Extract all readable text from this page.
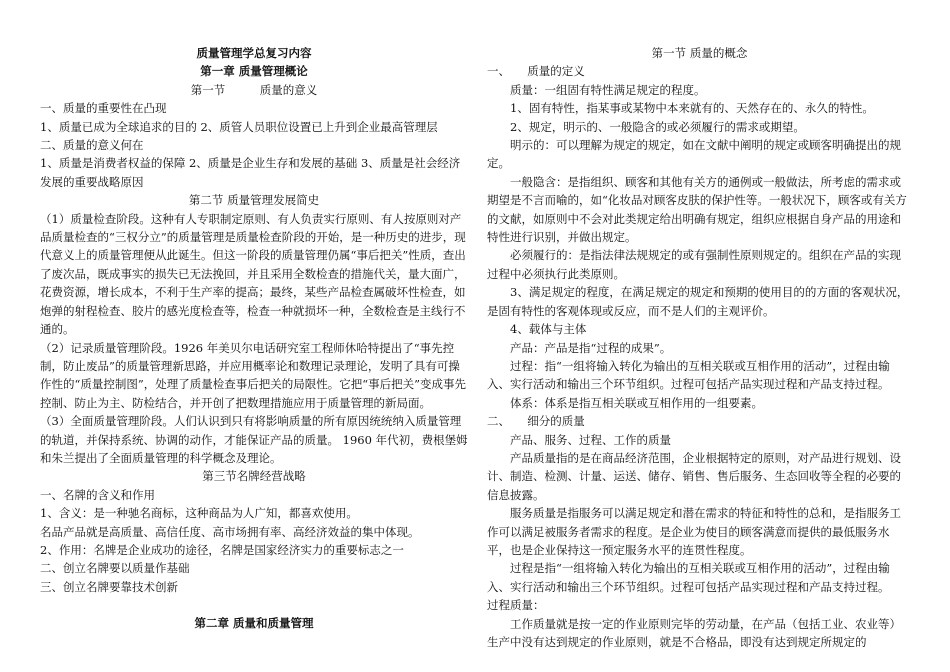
质量管理学总复习内容

第一章 质量管理概论

第一节　　　质量的意义

一、质量的重要性在凸现

1、质量已成为全球追求的目的 2、质管人员职位设置已上升到企业最高管理层

二、质量的意义何在

1、质量是消费者权益的保障 2、质量是企业生存和发展的基础 3、质量是社会经济发展的重要战略原因

第二节 质量管理发展简史

（1）质量检查阶段。这种有人专职制定原则、有人负责实行原则、有人按原则对产品质量检查的“三权分立”的质量管理是质量检查阶段的开始，是一种历史的进步，现代意义上的质量管理便从此诞生。但这一阶段的质量管理仍属“事后把关”性质，查出了废次品，既成事实的损失已无法挽回，并且采用全数检查的措施代关，量大面广，花费资源，增长成本，不利于生产率的提高；最终，某些产品检查属破坏性检查，如炮弹的射程检查、胶片的感光度检查等，检查一种就损坏一种，全数检查是主线行不通的。

（2）记录质量管理阶段。1926 年美贝尔电话研究室工程师休哈特提出了“事先控制，防止废品”的质量管理新思路，并应用概率论和数理记录理论，发明了具有可操作性的“质量控制图”，处理了质量检查事后把关的局限性。它把“事后把关”变成事先控制、防止为主、防检结合，并开创了把数理措施应用于质量管理的新局面。

（3）全面质量管理阶段。人们认识到只有将影响质量的所有原因统统纳入质量管理的轨道，并保持系统、协调的动作，才能保证产品的质量。 1960 年代初，费根堡姆和朱兰提出了全面质量管理的科学概念及理论。

第三节名牌经营战略

一、名牌的含义和作用

1、含义：是一种驰名商标，这种商品为人广知，都喜欢使用。

名品产品就是高质量、高信任度、高市场拥有率、高经济效益的集中体现。

2、作用：名牌是企业成功的途径，名牌是国家经济实力的重要标志之一

二、创立名牌要以质量作基础

三、创立名牌要靠技术创新

第二章 质量和质量管理

第一节 质量的概念

一、　　质量的定义

质量：一组固有特性满足规定的程度。

1、固有特性，指某事或某物中本来就有的、天然存在的、永久的特性。

2、规定，明示的、一般隐含的或必须履行的需求或期望。

明示的：可以理解为规定的规定，如在文献中阐明的规定或顾客明确提出的规定。

一般隐含：是指组织、顾客和其他有关方的通例或一般做法，所考虑的需求或期望是不言而喻的，如“化妆品对顾客皮肤的保护性等。一般状况下，顾客或有关方的文献，如原则中不会对此类规定给出明确有规定，组织应根据自身产品的用途和特性进行识别，并做出规定。

必须履行的：是指法律法规规定的或有强制性原则规定的。组织在产品的实现过程中必须执行此类原则。

3、满足规定的程度，在满足规定的规定和预期的使用目的的方面的客观状况，是固有特性的客观体现或反应，而不是人们的主观评价。

4、载体与主体

产品：产品是指“过程的成果”。

过程：指“一组将输入转化为输出的互相关联或互相作用的活动”，过程由输入、实行活动和输出三个环节组织。过程可包括产品实现过程和产品支持过程。

体系：体系是指互相关联或互相作用的一组要素。

二、　　细分的质量

产品、服务、过程、工作的质量

产品质量指的是在商品经济范围，企业根据特定的原则，对产品进行规划、设计、制造、检测、计量、运送、储存、销售、售后服务、生态回收等全程的必要的信息披露。

服务质量是指服务可以满足规定和潜在需求的特征和特性的总和，是指服务工作可以满足被服务者需求的程度。是企业为使目的顾客满意而提供的最低服务水平，也是企业保持这一预定服务水平的连贯性程度。

过程是指“一组将输入转化为输出的互相关联或互相作用的活动”，过程由输入、实行活动和输出三个环节组织。过程可包括产品实现过程和产品支持过程。

过程质量：

工作质量就是按一定的作业原则完毕的劳动量，在产品（包括工业、农业等）生产中没有达到规定的作业原则，就是不合格品，即没有达到规定所规定的
